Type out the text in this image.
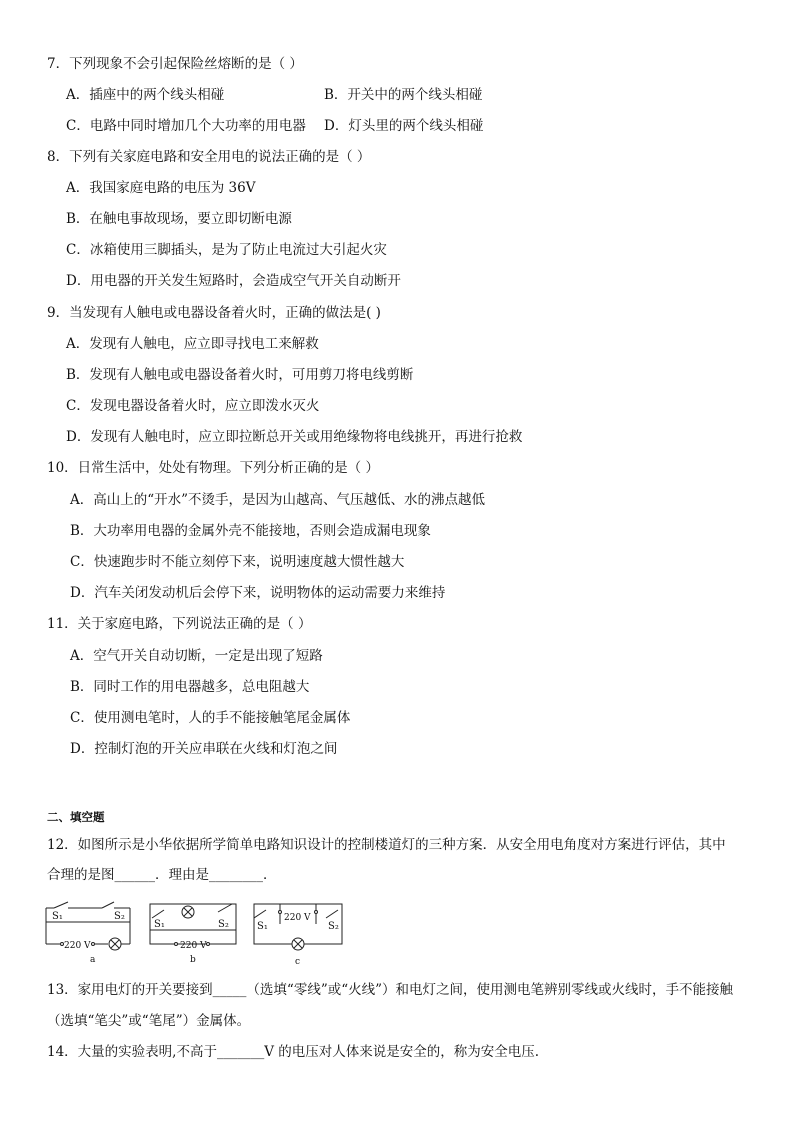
7．下列现象不会引起保险丝熔断的是（ ）
A．插座中的两个线头相碰	B．开关中的两个线头相碰
C．电路中同时增加几个大功率的用电器 D．灯头里的两个线头相碰
8．下列有关家庭电路和安全用电的说法正确的是（ ）
A．我国家庭电路的电压为 36V
B．在触电事故现场，要立即切断电源
C．冰箱使用三脚插头，是为了防止电流过大引起火灾
D．用电器的开关发生短路时，会造成空气开关自动断开
9．当发现有人触电或电器设备着火时，正确的做法是( )
A．发现有人触电，应立即寻找电工来解救
B．发现有人触电或电器设备着火时，可用剪刀将电线剪断
C．发现电器设备着火时，应立即泼水灭火
D．发现有人触电时，应立即拉断总开关或用绝缘物将电线挑开，再进行抢救
10．日常生活中，处处有物理。下列分析正确的是（ ）
A．高山上的“开水”不烫手，是因为山越高、气压越低、水的沸点越低
B．大功率用电器的金属外壳不能接地，否则会造成漏电现象
C．快速跑步时不能立刻停下来，说明速度越大惯性越大
D．汽车关闭发动机后会停下来，说明物体的运动需要力来维持
11．关于家庭电路，下列说法正确的是（ ）
A．空气开关自动切断，一定是出现了短路
B．同时工作的用电器越多，总电阻越大
C．使用测电笔时，人的手不能接触笔尾金属体
D．控制灯泡的开关应串联在火线和灯泡之间
二、填空题
12．如图所示是小华依据所学简单电路知识设计的控制楼道灯的三种方案．从安全用电角度对方案进行评估，其中
合理的是图______．理由是________．
S₁	S₂
220 V
a
S₁	S₂
220 V
b
S₁	S₂
220 V
c
13．家用电灯的开关要接到_____（选填“零线”或“火线”）和电灯之间，使用测电笔辨别零线或火线时，手不能接触
（选填“笔尖”或“笔尾”）金属体。
14．大量的实验表明,不高于_______V 的电压对人体来说是安全的，称为安全电压.
